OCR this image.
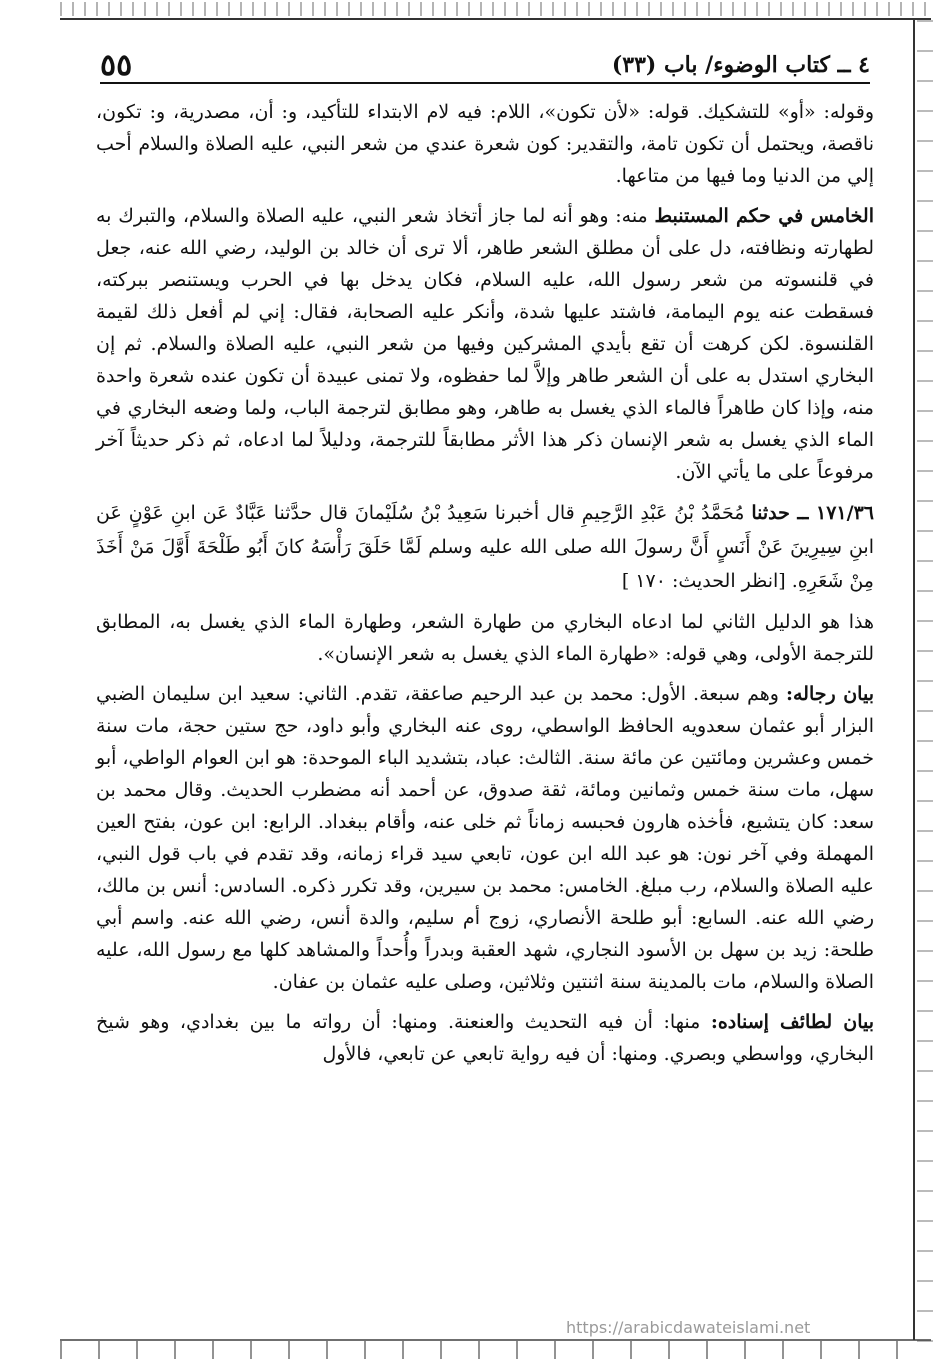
٤ ــ كتاب الوضوء/ باب (٣٣)
٥٥

وقوله: «أو» للتشكيك. قوله: «لأن تكون»، اللام: فيه لام الابتداء للتأكيد، و: أن، مصدرية، و: تكون، ناقصة، ويحتمل أن تكون تامة، والتقدير: كون شعرة عندي من شعر النبي، عليه الصلاة والسلام أحب إلي من الدنيا وما فيها من متاعها.

الخامس في حكم المستنبط منه: وهو أنه لما جاز أتخاذ شعر النبي، عليه الصلاة والسلام، والتبرك به لطهارته ونظافته، دل على أن مطلق الشعر طاهر، ألا ترى أن خالد بن الوليد، رضي الله عنه، جعل في قلنسوته من شعر رسول الله، عليه السلام، فكان يدخل بها في الحرب ويستنصر ببركته، فسقطت عنه يوم اليمامة، فاشتد عليها شدة، وأنكر عليه الصحابة، فقال: إني لم أفعل ذلك لقيمة القلنسوة. لكن كرهت أن تقع بأيدي المشركين وفيها من شعر النبي، عليه الصلاة والسلام. ثم إن البخاري استدل به على أن الشعر طاهر وإلاَّ لما حفظوه، ولا تمنى عبيدة أن تكون عنده شعرة واحدة منه، وإذا كان طاهراً فالماء الذي يغسل به طاهر، وهو مطابق لترجمة الباب، ولما وضعه البخاري في الماء الذي يغسل به شعر الإنسان ذكر هذا الأثر مطابقاً للترجمة، ودليلاً لما ادعاه، ثم ذكر حديثاً آخر مرفوعاً على ما يأتي الآن.

١٧١/٣٦ ــ حدثنا مُحَمَّدُ بْنُ عَبْدِ الرَّحِيمِ قال أخبرنا سَعِيدُ بْنُ سُلَيْمانَ قال حدَّثنا عَبَّادٌ عَن ابنِ عَوْنٍ عَن ابنِ سِيرِينَ عَنْ أَنَسٍ أَنَّ رسولَ الله صلى الله عليه وسلم لَمَّا حَلَقَ رَأْسَهُ كانَ أَبُو طَلْحَةَ أَوَّلَ مَنْ أَخَذَ مِنْ شَعَرِهِ. [انظر الحديث: ١٧٠ ]

هذا هو الدليل الثاني لما ادعاه البخاري من طهارة الشعر، وطهارة الماء الذي يغسل به، المطابق للترجمة الأولى، وهي قوله: «طهارة الماء الذي يغسل به شعر الإنسان».

بيان رجاله: وهم سبعة. الأول: محمد بن عبد الرحيم صاعقة، تقدم. الثاني: سعيد ابن سليمان الضبي البزار أبو عثمان سعدويه الحافظ الواسطي، روى عنه البخاري وأبو داود، حج ستين حجة، مات سنة خمس وعشرين ومائتين عن مائة سنة. الثالث: عباد، بتشديد الباء الموحدة: هو ابن العوام الواطي، أبو سهل، مات سنة خمس وثمانين ومائة، ثقة صدوق، عن أحمد أنه مضطرب الحديث. وقال محمد بن سعد: كان يتشيع، فأخذه هارون فحبسه زماناً ثم خلى عنه، وأقام ببغداد. الرابع: ابن عون، بفتح العين المهملة وفي آخر نون: هو عبد الله ابن عون، تابعي سيد قراء زمانه، وقد تقدم في باب قول النبي، عليه الصلاة والسلام، رب مبلغ. الخامس: محمد بن سيرين، وقد تكرر ذكره. السادس: أنس بن مالك، رضي الله عنه. السابع: أبو طلحة الأنصاري، زوج أم سليم، والدة أنس، رضي الله عنه. واسم أبي طلحة: زيد بن سهل بن الأسود النجاري، شهد العقبة وبدراً وأُحداً والمشاهد كلها مع رسول الله، عليه الصلاة والسلام، مات بالمدينة سنة اثنتين وثلاثين، وصلى عليه عثمان بن عفان.

بيان لطائف إسناده: منها: أن فيه التحديث والعنعنة. ومنها: أن رواته ما بين بغدادي، وهو شيخ البخاري، وواسطي وبصري. ومنها: أن فيه رواية تابعي عن تابعي، فالأول

https://arabicdawateislami.net
